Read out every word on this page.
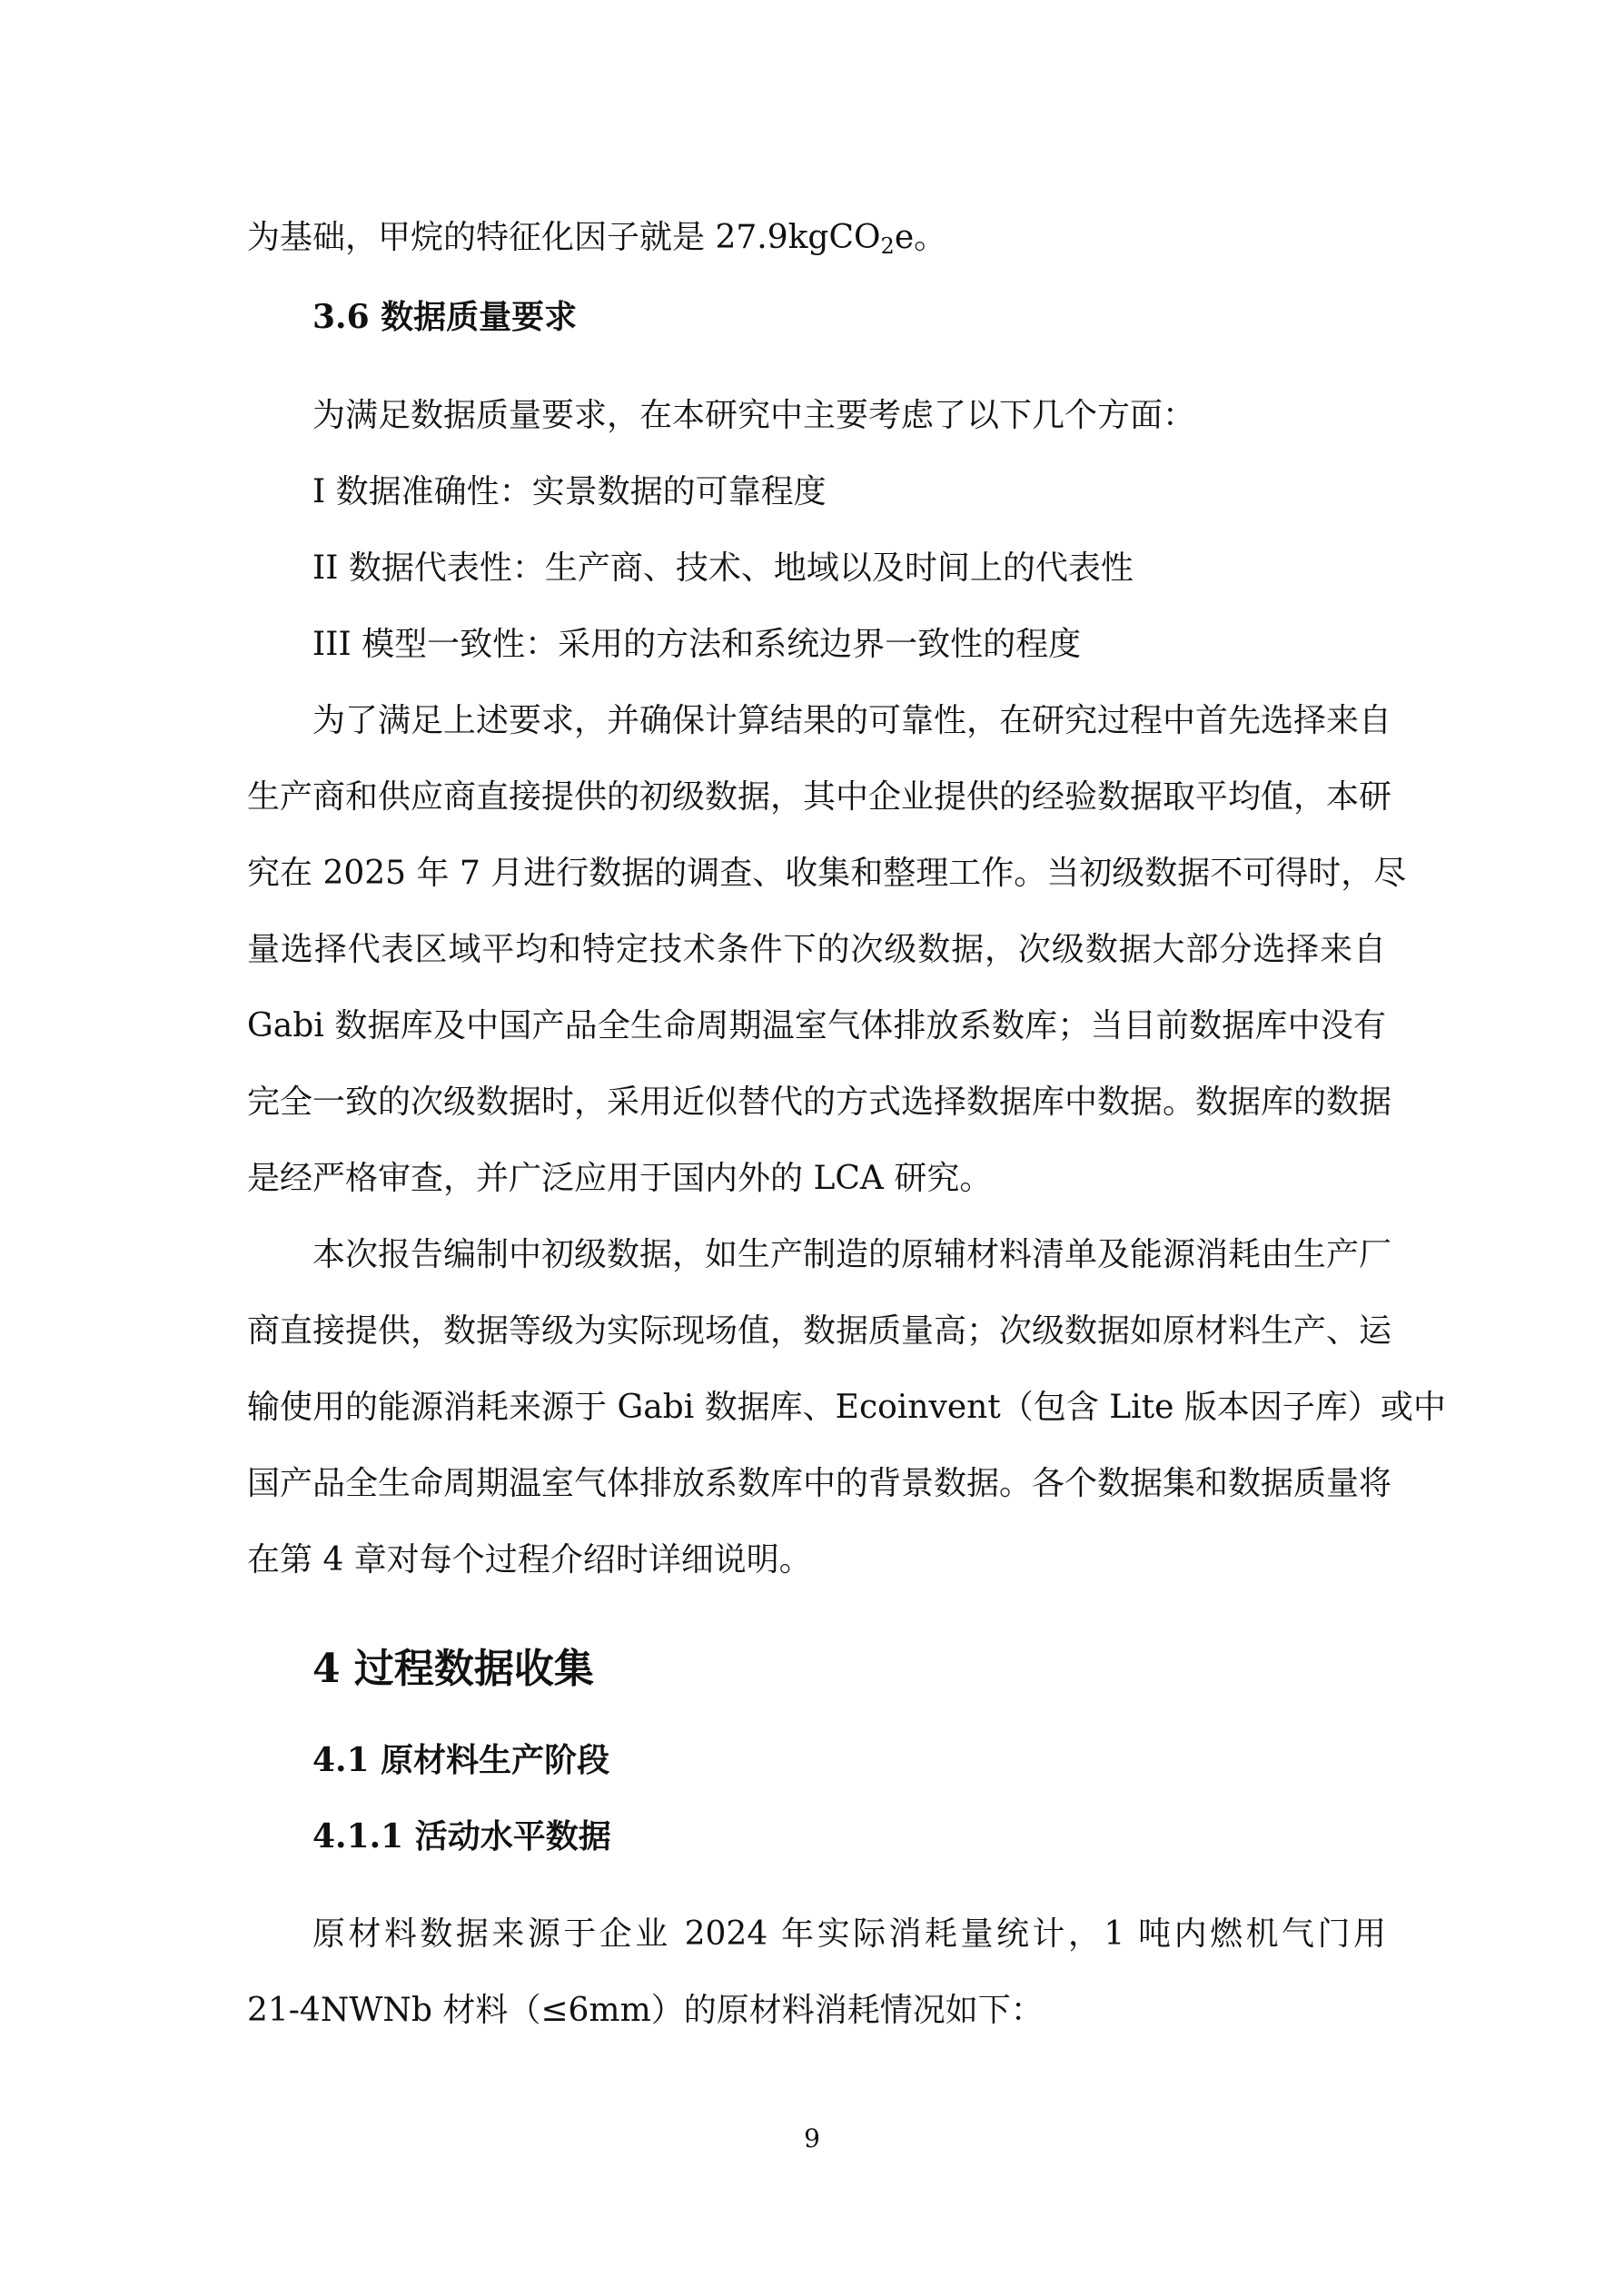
为基础，甲烷的特征化因子就是 27.9kgCO$_2$e。
3.6 数据质量要求
为满足数据质量要求，在本研究中主要考虑了以下几个方面：
I 数据准确性：实景数据的可靠程度
II 数据代表性：生产商、技术、地域以及时间上的代表性
III 模型一致性：采用的方法和系统边界一致性的程度
为了满足上述要求，并确保计算结果的可靠性，在研究过程中首先选择来自
生产商和供应商直接提供的初级数据，其中企业提供的经验数据取平均值，本研
究在 2025 年 7 月进行数据的调查、收集和整理工作。当初级数据不可得时，尽
量选择代表区域平均和特定技术条件下的次级数据，次级数据大部分选择来自
Gabi 数据库及中国产品全生命周期温室气体排放系数库；当目前数据库中没有
完全一致的次级数据时，采用近似替代的方式选择数据库中数据。数据库的数据
是经严格审查，并广泛应用于国内外的 LCA 研究。
本次报告编制中初级数据，如生产制造的原辅材料清单及能源消耗由生产厂
商直接提供，数据等级为实际现场值，数据质量高；次级数据如原材料生产、运
输使用的能源消耗来源于 Gabi 数据库、Ecoinvent（包含 Lite 版本因子库）或中
国产品全生命周期温室气体排放系数库中的背景数据。各个数据集和数据质量将
在第 4 章对每个过程介绍时详细说明。
4 过程数据收集
4.1 原材料生产阶段
4.1.1 活动水平数据
原材料数据来源于企业 2024 年实际消耗量统计，1 吨内燃机气门用
21-4NWNb 材料（≤6mm）的原材料消耗情况如下：
9
